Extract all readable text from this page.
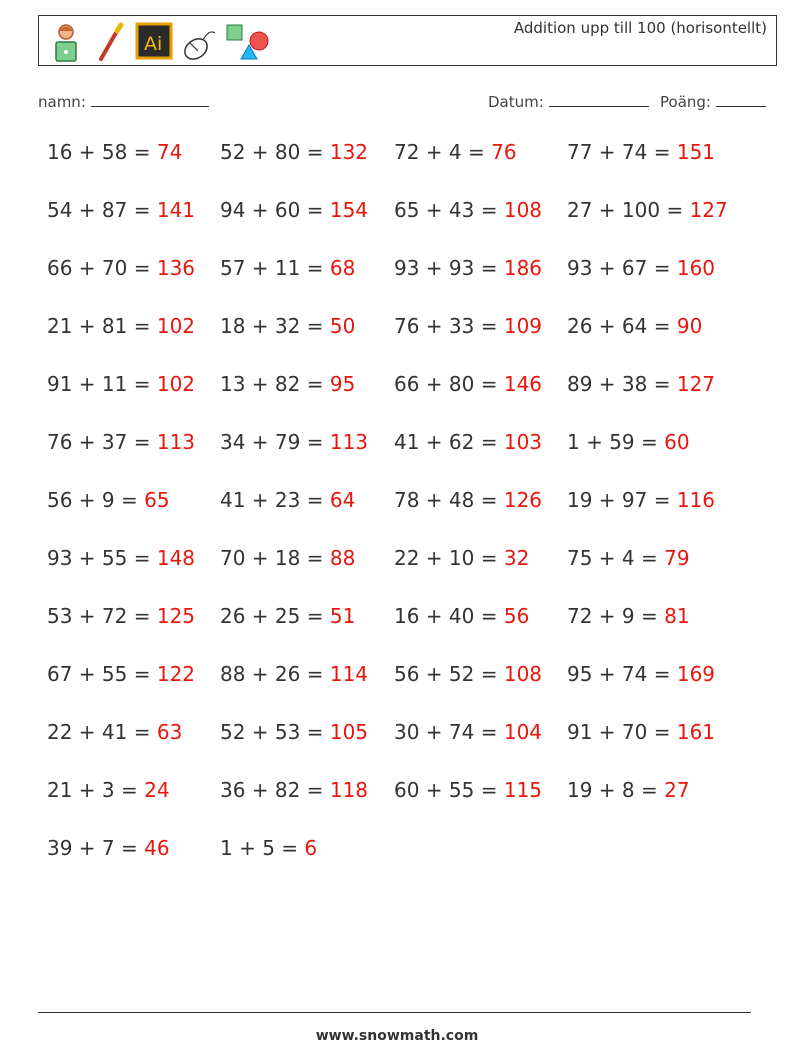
Ai
Addition upp till 100 (horisontellt)
namn:	Datum:	Poäng:
16 + 58 = 74 52 + 80 = 132 72 + 4 = 76	77 + 74 = 151
54 + 87 = 141 94 + 60 = 154 65 + 43 = 108 27 + 100 = 127
66 + 70 = 136 57 + 11 = 68 93 + 93 = 186 93 + 67 = 160
21 + 81 = 102 18 + 32 = 50 76 + 33 = 109 26 + 64 = 90
91 + 11 = 102 13 + 82 = 95 66 + 80 = 146 89 + 38 = 127
76 + 37 = 113 34 + 79 = 113 41 + 62 = 103 1 + 59 = 60
56 + 9 = 65	41 + 23 = 64 78 + 48 = 126 19 + 97 = 116
93 + 55 = 148 70 + 18 = 88 22 + 10 = 32 75 + 4 = 79
53 + 72 = 125 26 + 25 = 51 16 + 40 = 56 72 + 9 = 81
67 + 55 = 122 88 + 26 = 114 56 + 52 = 108 95 + 74 = 169
22 + 41 = 63 52 + 53 = 105 30 + 74 = 104 91 + 70 = 161
21 + 3 = 24	36 + 82 = 118 60 + 55 = 115 19 + 8 = 27
39 + 7 = 46	1 + 5 = 6
www.snowmath.com
